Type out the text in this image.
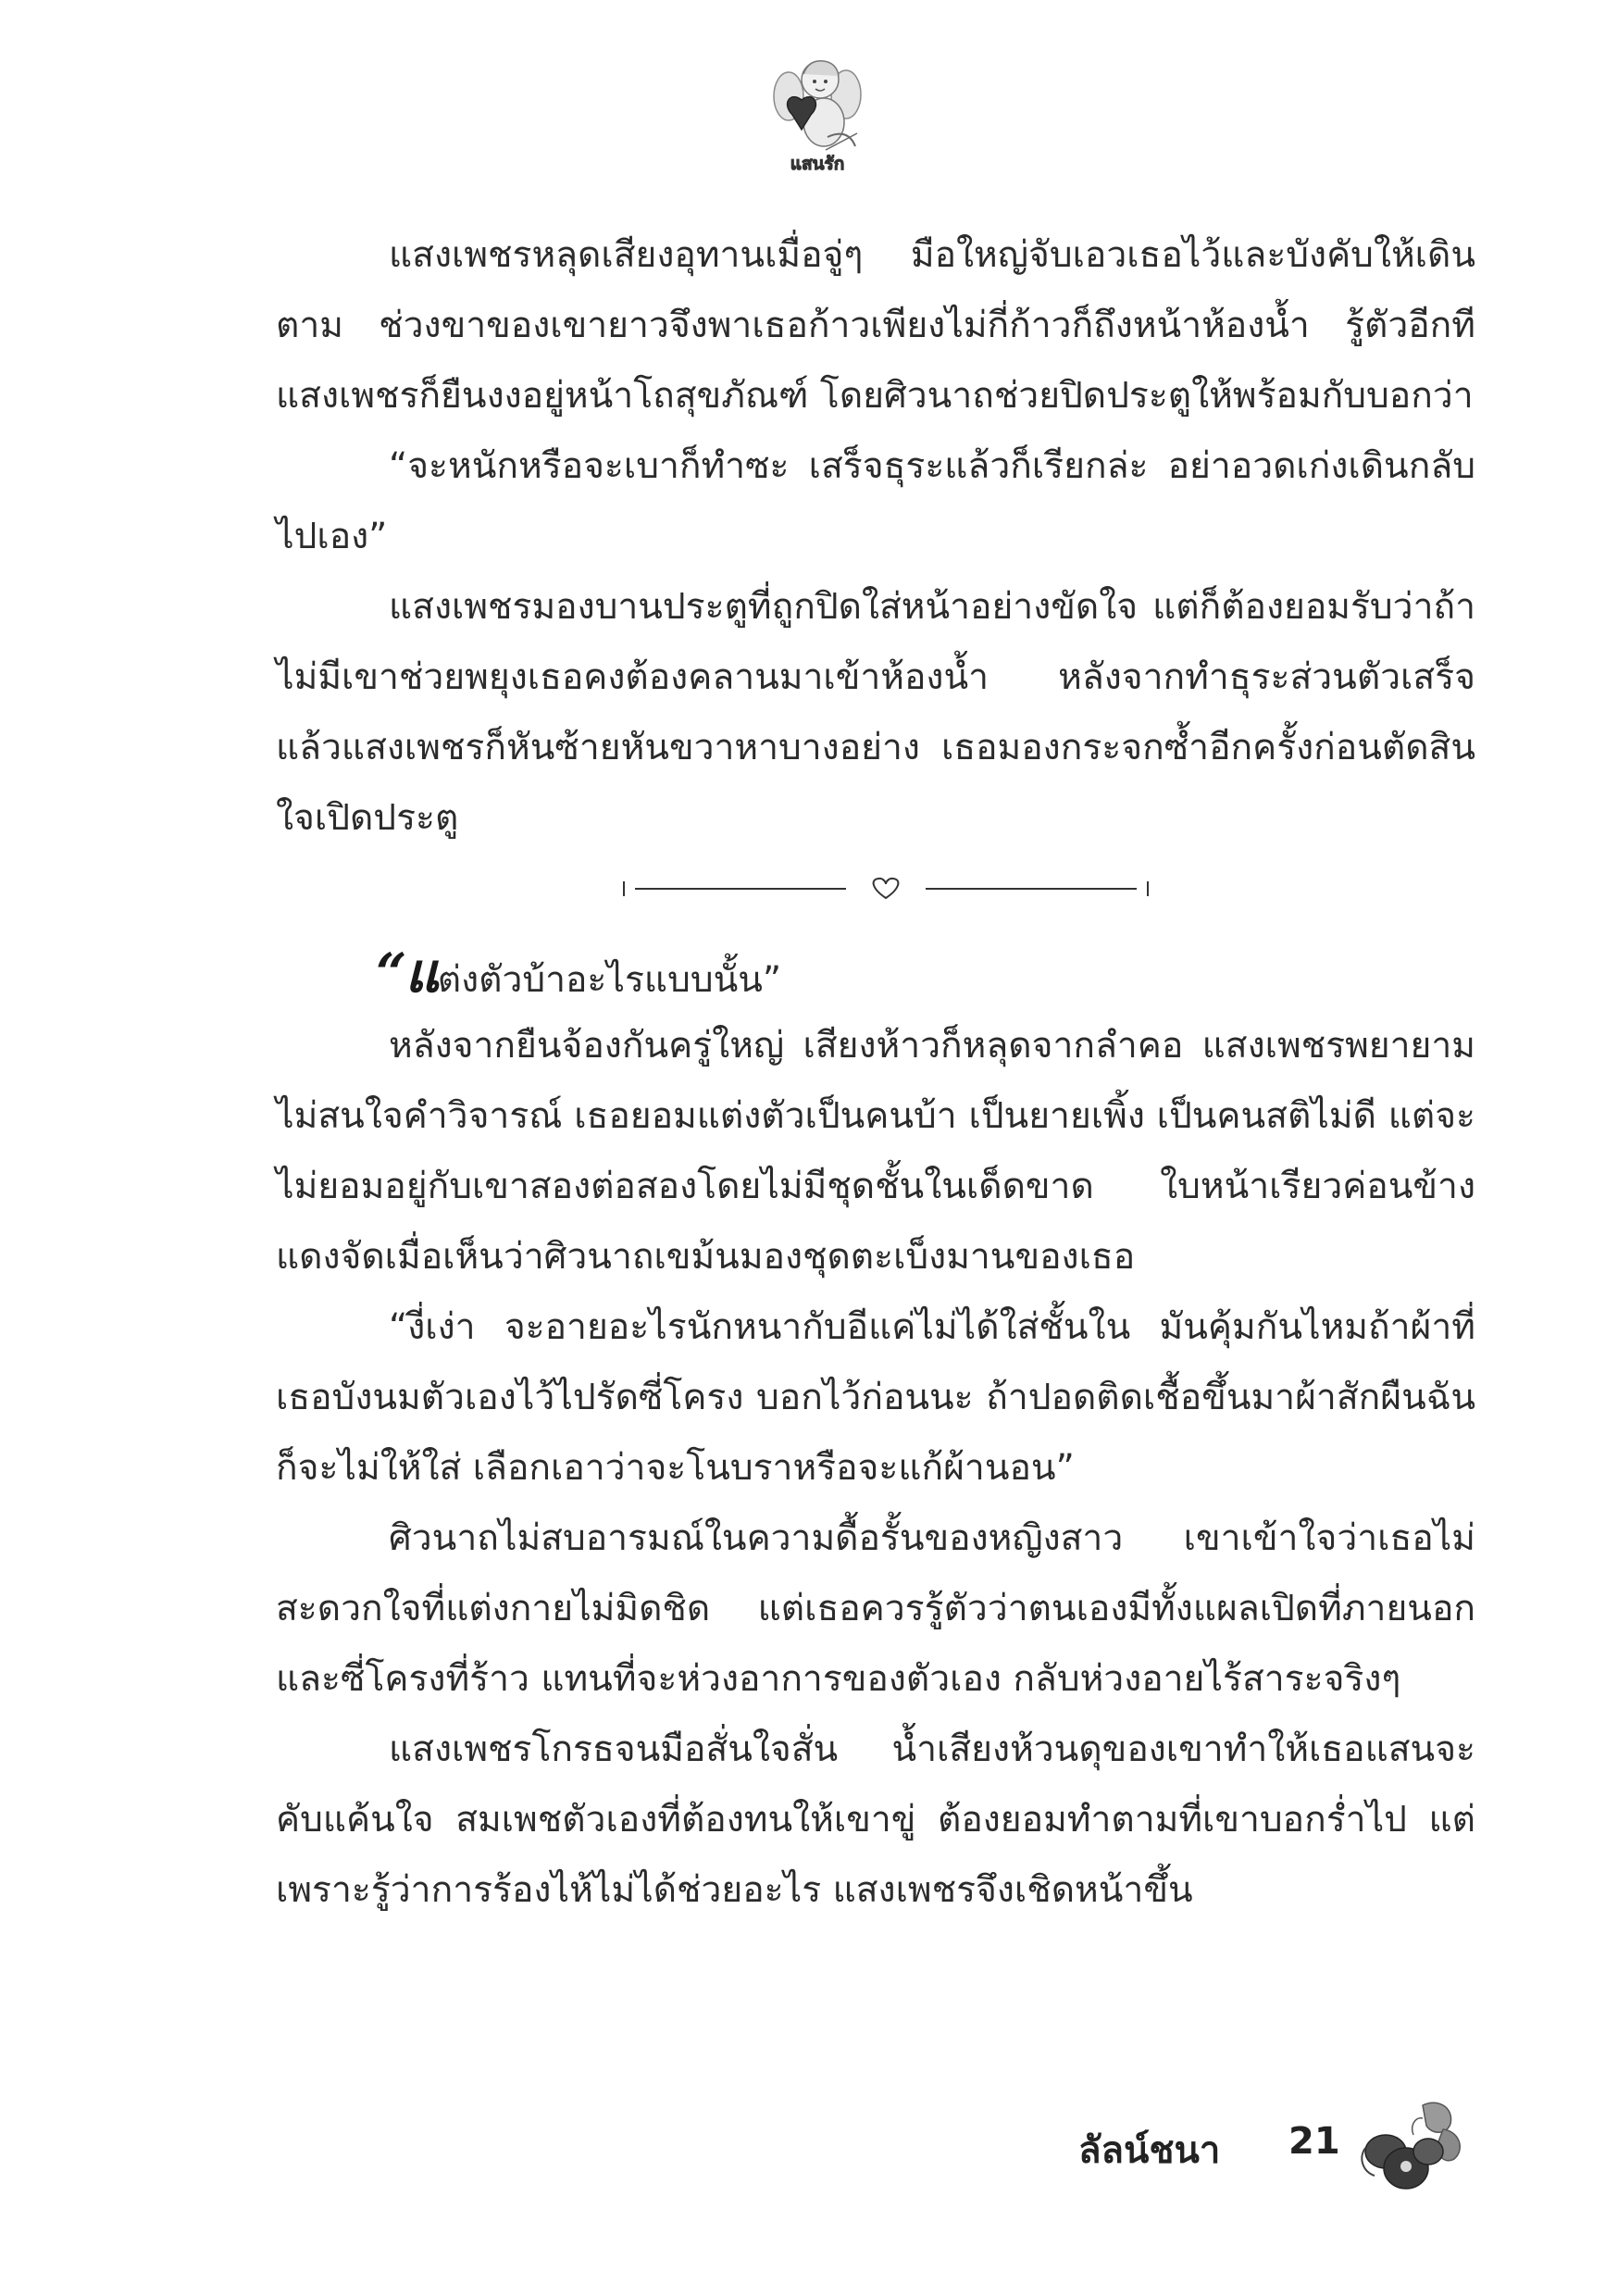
แสนรัก

แสงเพชรหลุดเสียงอุทานเมื่อจู่ๆ มือใหญ่จับเอวเธอไว้และบังคับให้เดินตาม ช่วงขาของเขายาวจึงพาเธอก้าวเพียงไม่กี่ก้าวก็ถึงหน้าห้องน้ำ รู้ตัวอีกทีแสงเพชรก็ยืนงงอยู่หน้าโถสุขภัณฑ์ โดยศิวนาถช่วยปิดประตูให้พร้อมกับบอกว่า

“จะหนักหรือจะเบาก็ทำซะ เสร็จธุระแล้วก็เรียกล่ะ อย่าอวดเก่งเดินกลับไปเอง”

แสงเพชรมองบานประตูที่ถูกปิดใส่หน้าอย่างขัดใจ แต่ก็ต้องยอมรับว่าถ้าไม่มีเขาช่วยพยุงเธอคงต้องคลานมาเข้าห้องน้ำ หลังจากทำธุระส่วนตัวเสร็จแล้วแสงเพชรก็หันซ้ายหันขวาหาบางอย่าง เธอมองกระจกซ้ำอีกครั้งก่อนตัดสินใจเปิดประตู

“แต่งตัวบ้าอะไรแบบนั้น”

หลังจากยืนจ้องกันครู่ใหญ่ เสียงห้าวก็หลุดจากลำคอ แสงเพชรพยายามไม่สนใจคำวิจารณ์ เธอยอมแต่งตัวเป็นคนบ้า เป็นยายเพิ้ง เป็นคนสติไม่ดี แต่จะไม่ยอมอยู่กับเขาสองต่อสองโดยไม่มีชุดชั้นในเด็ดขาด ใบหน้าเรียวค่อนข้างแดงจัดเมื่อเห็นว่าศิวนาถเขม้นมองชุดตะเบ็งมานของเธอ

“งี่เง่า จะอายอะไรนักหนากับอีแค่ไม่ได้ใส่ชั้นใน มันคุ้มกันไหมถ้าผ้าที่เธอบังนมตัวเองไว้ไปรัดซี่โครง บอกไว้ก่อนนะ ถ้าปอดติดเชื้อขึ้นมาผ้าสักผืนฉันก็จะไม่ให้ใส่ เลือกเอาว่าจะโนบราหรือจะแก้ผ้านอน”

ศิวนาถไม่สบอารมณ์ในความดื้อรั้นของหญิงสาว เขาเข้าใจว่าเธอไม่สะดวกใจที่แต่งกายไม่มิดชิด แต่เธอควรรู้ตัวว่าตนเองมีทั้งแผลเปิดที่ภายนอกและซี่โครงที่ร้าว แทนที่จะห่วงอาการของตัวเอง กลับห่วงอายไร้สาระจริงๆ

แสงเพชรโกรธจนมือสั่นใจสั่น น้ำเสียงห้วนดุของเขาทำให้เธอแสนจะคับแค้นใจ สมเพชตัวเองที่ต้องทนให้เขาขู่ ต้องยอมทำตามที่เขาบอกร่ำไป แต่เพราะรู้ว่าการร้องไห้ไม่ได้ช่วยอะไร แสงเพชรจึงเชิดหน้าขึ้น

ลัลน์ชนา 21
